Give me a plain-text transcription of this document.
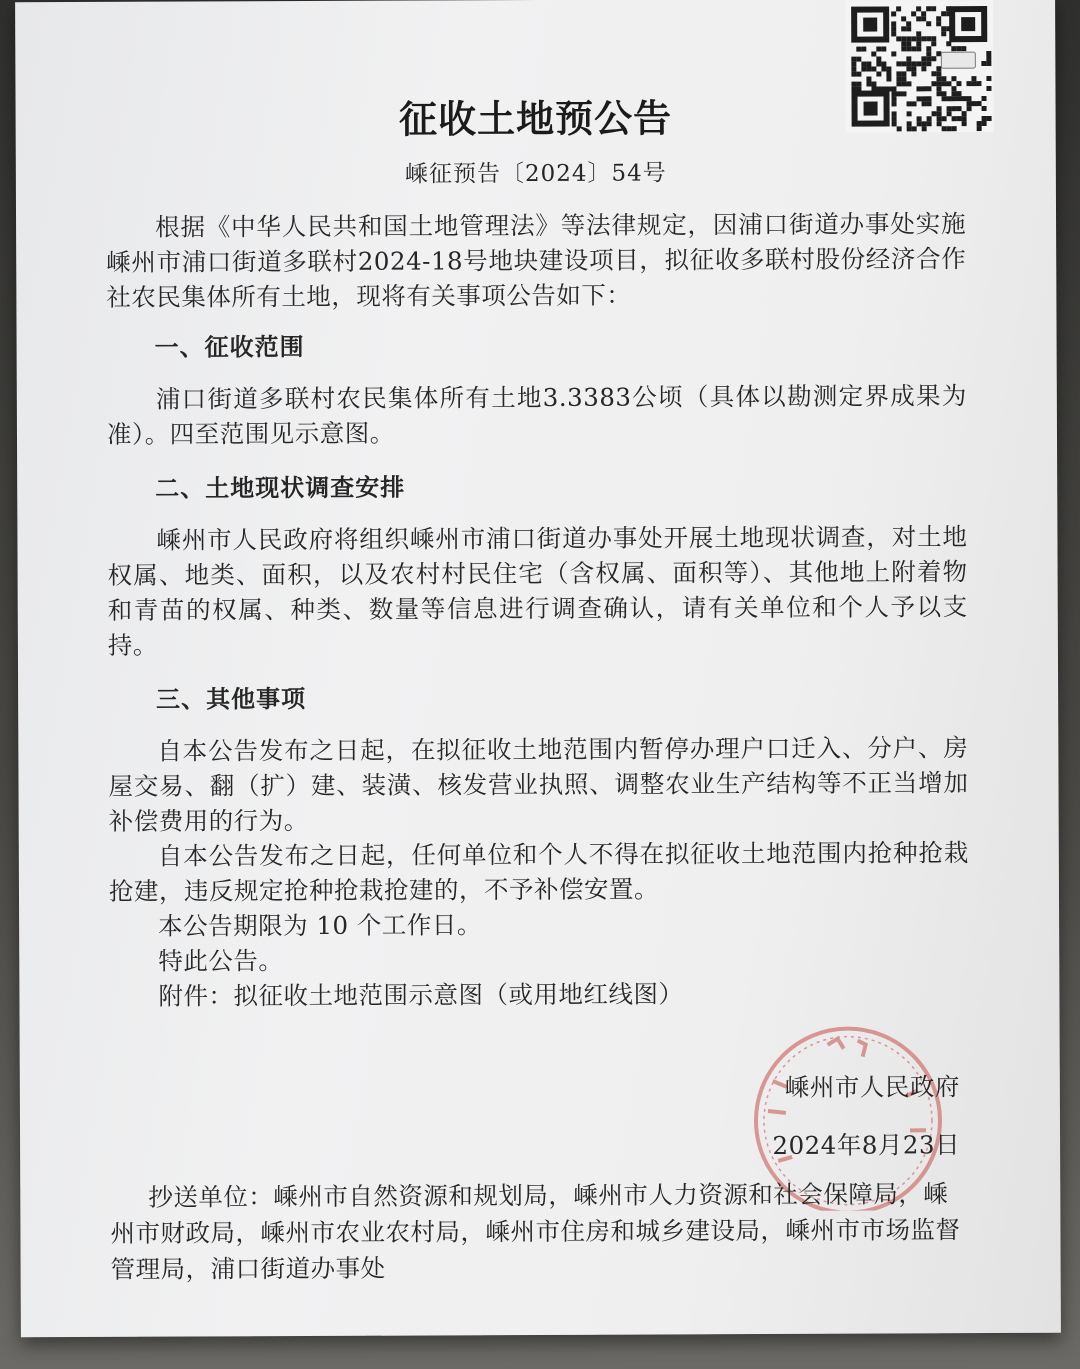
征收土地预公告
嵊征预告〔2024〕54号

根据《中华人民共和国土地管理法》等法律规定，因浦口街道办事处实施嵊州市浦口街道多联村2024-18号地块建设项目，拟征收多联村股份经济合作社农民集体所有土地，现将有关事项公告如下：

一、征收范围

浦口街道多联村农民集体所有土地3.3383公顷（具体以勘测定界成果为准）。四至范围见示意图。

二、土地现状调查安排

嵊州市人民政府将组织嵊州市浦口街道办事处开展土地现状调查，对土地权属、地类、面积，以及农村村民住宅（含权属、面积等）、其他地上附着物和青苗的权属、种类、数量等信息进行调查确认，请有关单位和个人予以支持。

三、其他事项

自本公告发布之日起，在拟征收土地范围内暂停办理户口迁入、分户、房屋交易、翻（扩）建、装潢、核发营业执照、调整农业生产结构等不正当增加补偿费用的行为。

自本公告发布之日起，任何单位和个人不得在拟征收土地范围内抢种抢栽抢建，违反规定抢种抢栽抢建的，不予补偿安置。

本公告期限为 10 个工作日。

特此公告。

附件：拟征收土地范围示意图（或用地红线图）

嵊州市人民政府
2024年8月23日
抄送单位：嵊州市自然资源和规划局，嵊州市人力资源和社会保障局，嵊州市财政局，嵊州市农业农村局，嵊州市住房和城乡建设局，嵊州市市场监督管理局，浦口街道办事处
